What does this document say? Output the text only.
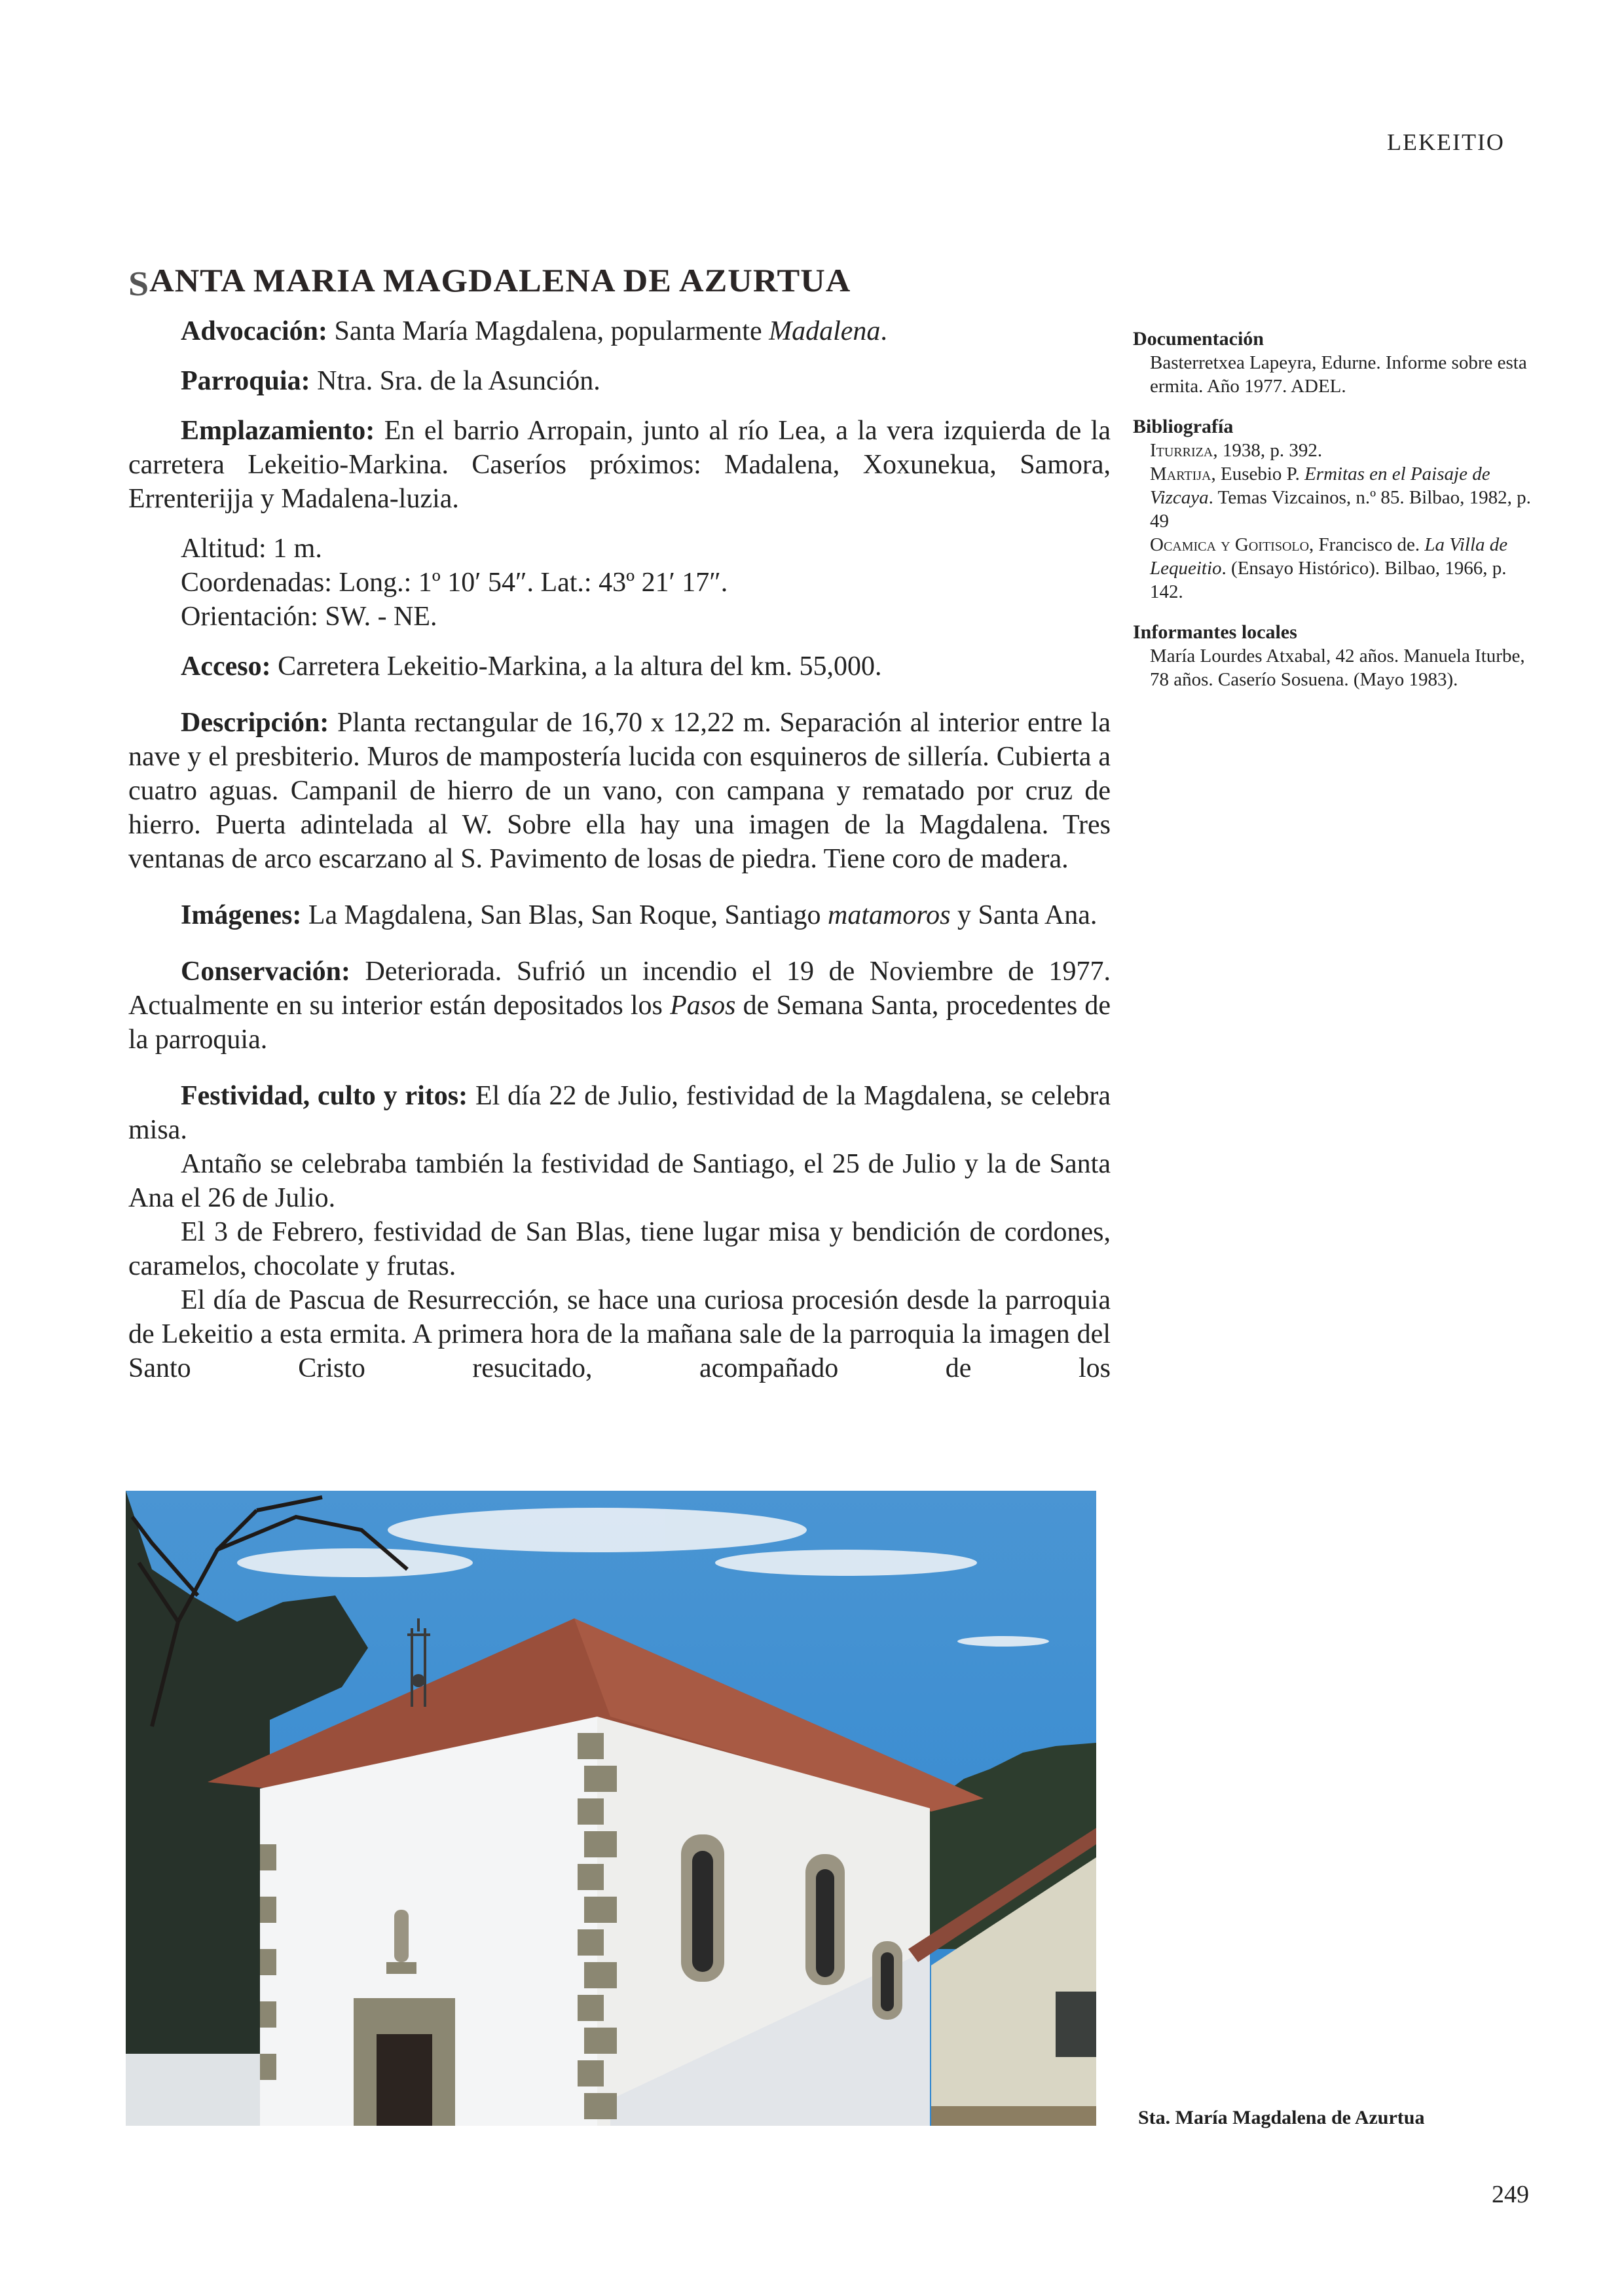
LEKEITIO
SANTA MARIA MAGDALENA DE AZURTUA

Advocación: Santa María Magdalena, popularmente Madalena.

Parroquia: Ntra. Sra. de la Asunción.

Emplazamiento: En el barrio Arropain, junto al río Lea, a la vera izquierda de la carretera Lekeitio-Markina. Caseríos próximos: Madalena, Xoxunekua, Samora, Errenterijja y Madalena-luzia.

Altitud: 1 m.

Coordenadas: Long.: 1º 10′ 54″. Lat.: 43º 21′ 17″.

Orientación: SW. - NE.

Acceso: Carretera Lekeitio-Markina, a la altura del km. 55,000.

Descripción: Planta rectangular de 16,70 x 12,22 m. Separación al interior entre la nave y el presbiterio. Muros de mampostería lucida con esquineros de sillería. Cubierta a cuatro aguas. Campanil de hierro de un vano, con campana y rematado por cruz de hierro. Puerta adintelada al W. Sobre ella hay una imagen de la Magdalena. Tres ventanas de arco escarzano al S. Pavimento de losas de piedra. Tiene coro de madera.

Imágenes: La Magdalena, San Blas, San Roque, Santiago matamoros y Santa Ana.

Conservación: Deteriorada. Sufrió un incendio el 19 de Noviembre de 1977. Actualmente en su interior están depositados los Pasos de Semana Santa, procedentes de la parroquia.

Festividad, culto y ritos: El día 22 de Julio, festividad de la Magdalena, se celebra misa.

Antaño se celebraba también la festividad de Santiago, el 25 de Julio y la de Santa Ana el 26 de Julio.

El 3 de Febrero, festividad de San Blas, tiene lugar misa y bendición de cordones, caramelos, chocolate y frutas.

El día de Pascua de Resurrección, se hace una curiosa procesión desde la parroquia de Lekeitio a esta ermita. A primera hora de la mañana sale de la parroquia la imagen del Santo Cristo resucitado, acompañado de los

Documentación

Basterretxea Lapeyra, Edurne. Informe sobre esta ermita. Año 1977. ADEL.

Bibliografía

Iturriza, 1938, p. 392.

Martija, Eusebio P. Ermitas en el Paisaje de Vizcaya. Temas Vizcainos, n.º 85. Bilbao, 1982, p. 49

Ocamica y Goitisolo, Francisco de. La Villa de Lequeitio. (Ensayo Histórico). Bilbao, 1966, p. 142.

Informantes locales

María Lourdes Atxabal, 42 años. Manuela Iturbe, 78 años. Caserío Sosuena. (Mayo 1983).

Sta. María Magdalena de Azurtua
249
